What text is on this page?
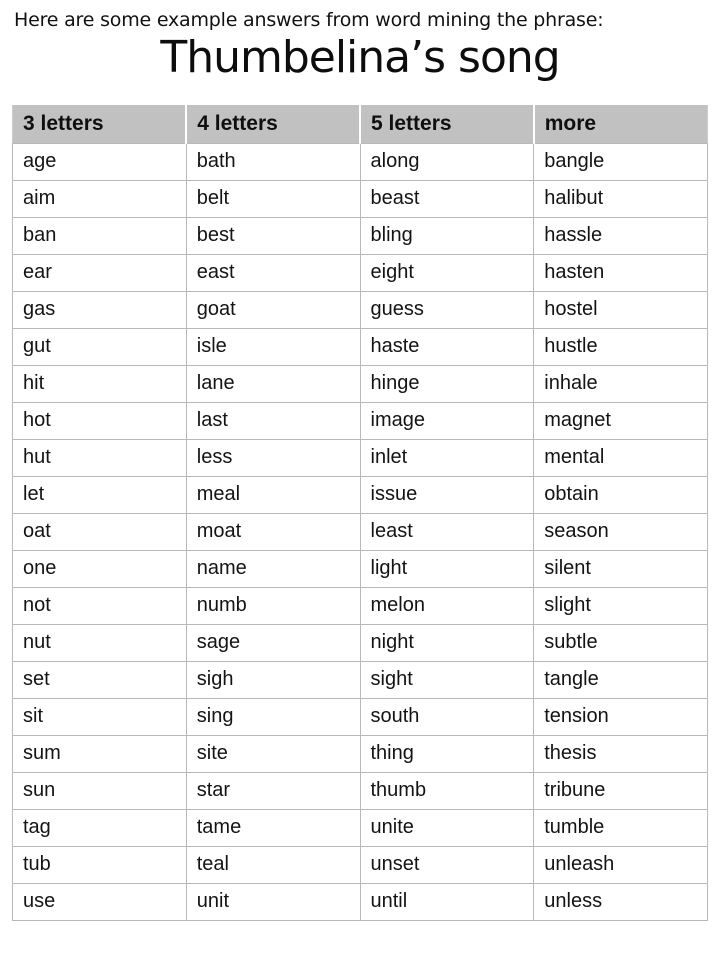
Here are some example answers from word mining the phrase:
Thumbelina’s song
3 letters	4 letters	5 letters	more
age	bath	along	bangle
aim	belt	beast	halibut
ban	best	bling	hassle
ear	east	eight	hasten
gas	goat	guess	hostel
gut	isle	haste	hustle
hit	lane	hinge	inhale
hot	last	image	magnet
hut	less	inlet	mental
let	meal	issue	obtain
oat	moat	least	season
one	name	light	silent
not	numb	melon	slight
nut	sage	night	subtle
set	sigh	sight	tangle
sit	sing	south	tension
sum	site	thing	thesis
sun	star	thumb	tribune
tag	tame	unite	tumble
tub	teal	unset	unleash
use	unit	until	unless
